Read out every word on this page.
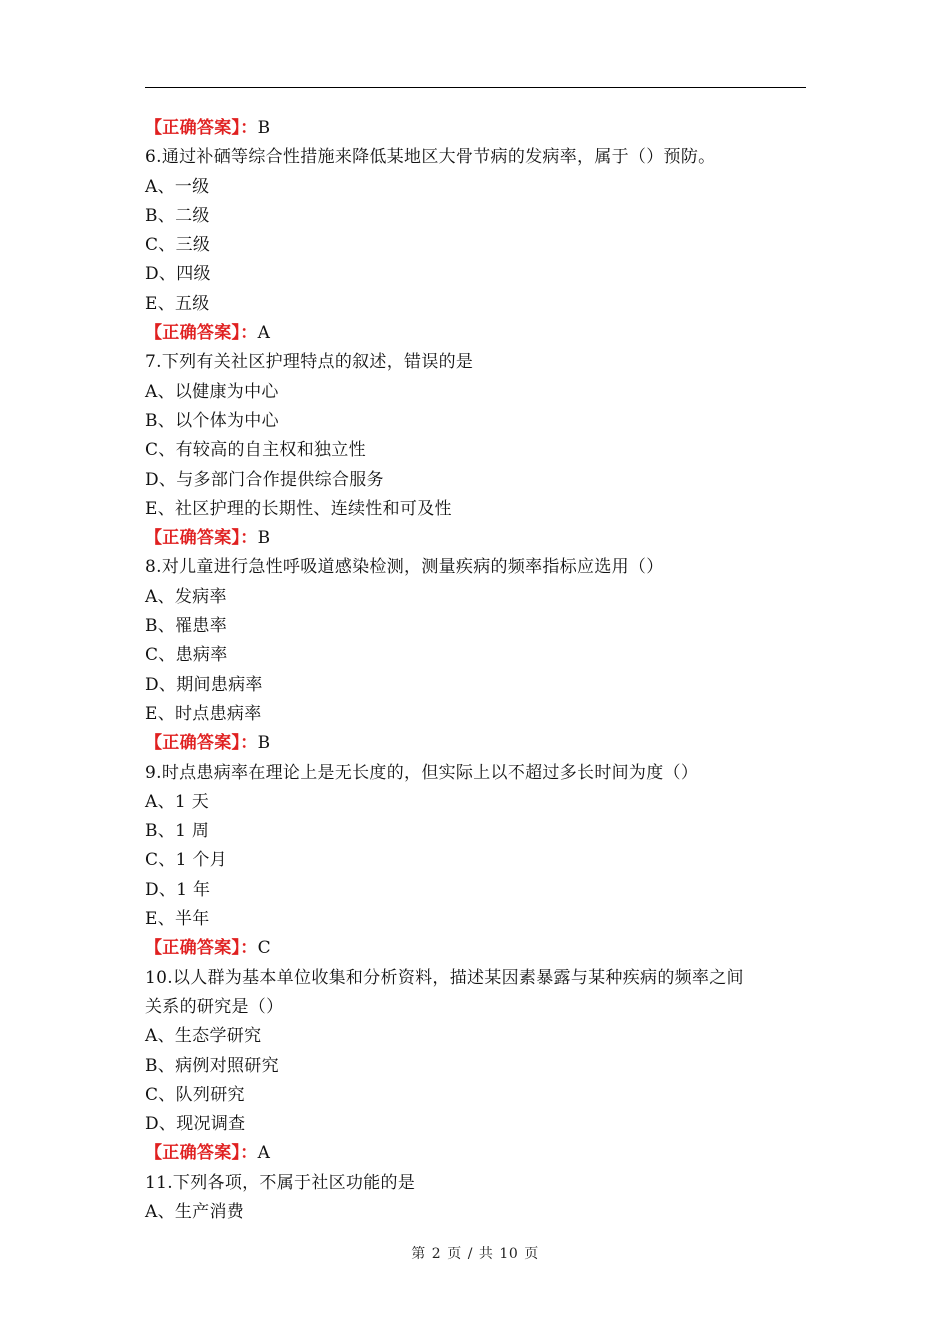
【正确答案】：B
6.通过补硒等综合性措施来降低某地区大骨节病的发病率，属于（）预防。
A、一级
B、二级
C、三级
D、四级
E、五级
【正确答案】：A
7.下列有关社区护理特点的叙述，错误的是
A、以健康为中心
B、以个体为中心
C、有较高的自主权和独立性
D、与多部门合作提供综合服务
E、社区护理的长期性、连续性和可及性
【正确答案】：B
8.对儿童进行急性呼吸道感染检测，测量疾病的频率指标应选用（）
A、发病率
B、罹患率
C、患病率
D、期间患病率
E、时点患病率
【正确答案】：B
9.时点患病率在理论上是无长度的，但实际上以不超过多长时间为度（）
A、1 天
B、1 周
C、1 个月
D、1 年
E、半年
【正确答案】：C
10.以人群为基本单位收集和分析资料，描述某因素暴露与某种疾病的频率之间
关系的研究是（）
A、生态学研究
B、病例对照研究
C、队列研究
D、现况调查
【正确答案】：A
11.下列各项，不属于社区功能的是
A、生产消费
第 2 页 / 共 10 页
